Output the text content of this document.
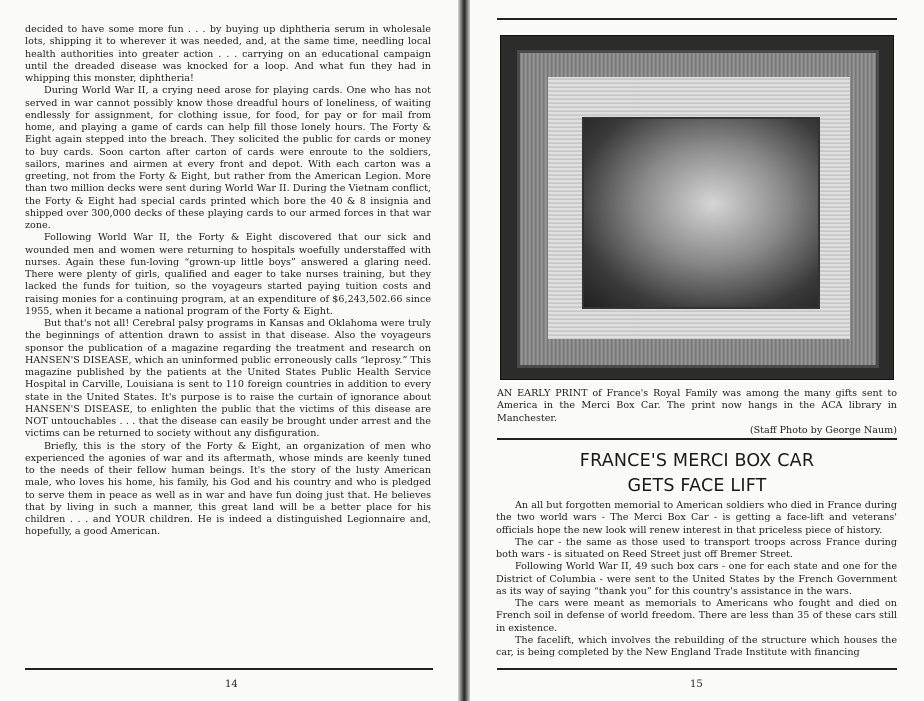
decided to have some more fun . . . by buying up diphtheria serum in wholesale lots, shipping it to wherever it was needed, and, at the same time, needling local health authorities into greater action . . . carrying on an educational campaign until the dreaded disease was knocked for a loop. And what fun they had in whipping this monster, diphtheria!

During World War II, a crying need arose for playing cards. One who has not served in war cannot possibly know those dreadful hours of loneliness, of waiting endlessly for assignment, for clothing issue, for food, for pay or for mail from home, and playing a game of cards can help fill those lonely hours. The Forty & Eight again stepped into the breach. They solicited the public for cards or money to buy cards. Soon carton after carton of cards were enroute to the soldiers, sailors, marines and airmen at every front and depot. With each carton was a greeting, not from the Forty & Eight, but rather from the American Legion. More than two million decks were sent during World War II. During the Vietnam conflict, the Forty & Eight had special cards printed which bore the 40 & 8 insignia and shipped over 300,000 decks of these playing cards to our armed forces in that war zone.

Following World War II, the Forty & Eight discovered that our sick and wounded men and women were returning to hospitals woefully understaffed with nurses. Again these fun-loving “grown-up little boys” answered a glaring need. There were plenty of girls, qualified and eager to take nurses training, but they lacked the funds for tuition, so the voyageurs started paying tuition costs and raising monies for a continuing program, at an expenditure of $6,243,502.66 since 1955, when it became a national program of the Forty & Eight.

But that's not all! Cerebral palsy programs in Kansas and Oklahoma were truly the beginnings of attention drawn to assist in that disease. Also the voyageurs sponsor the publication of a magazine regarding the treatment and research on HANSEN'S DISEASE, which an uninformed public erroneously calls “leprosy.” This magazine published by the patients at the United States Public Health Service Hospital in Carville, Louisiana is sent to 110 foreign countries in addition to every state in the United States. It's purpose is to raise the curtain of ignorance about HANSEN'S DISEASE, to enlighten the public that the victims of this disease are NOT untouchables . . . that the disease can easily be brought under arrest and the victims can be returned to society without any disfiguration.

Briefly, this is the story of the Forty & Eight, an organization of men who experienced the agonies of war and its aftermath, whose minds are keenly tuned to the needs of their fellow human beings. It's the story of the lusty American male, who loves his home, his family, his God and his country and who is pledged to serve them in peace as well as in war and have fun doing just that. He believes that by living in such a manner, this great land will be a better place for his children . . . and YOUR children. He is indeed a distinguished Legionnaire and, hopefully, a good American.

14
AN EARLY PRINT of France's Royal Family was among the many gifts sent to America in the Merci Box Car. The print now hangs in the ACA library in Manchester.
(Staff Photo by George Naum)
FRANCE'S MERCI BOX CAR
GETS FACE LIFT

An all but forgotten memorial to American soldiers who died in France during the two world wars - The Merci Box Car - is getting a face-lift and veterans' officials hope the new look will renew interest in that priceless piece of history.

The car - the same as those used to transport troops across France during both wars - is situated on Reed Street just off Bremer Street.

Following World War II, 49 such box cars - one for each state and one for the District of Columbia - were sent to the United States by the French Government as its way of saying “thank you” for this country's assistance in the wars.

The cars were meant as memorials to Americans who fought and died on French soil in defense of world freedom. There are less than 35 of these cars still in existence.

The facelift, which involves the rebuilding of the structure which houses the car, is being completed by the New England Trade Institute with financing

15
